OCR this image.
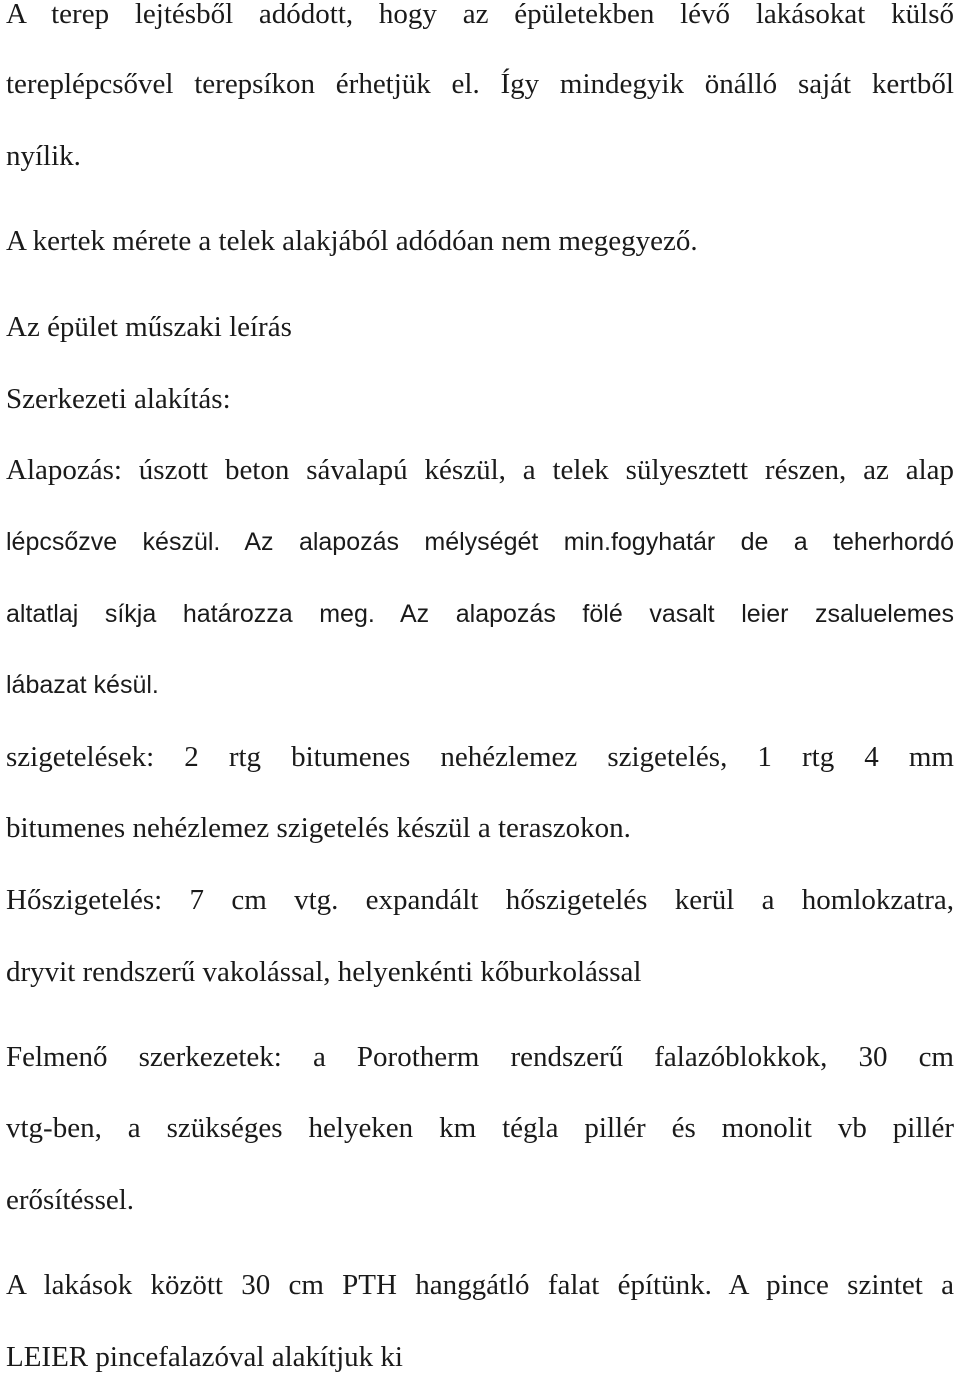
A terep lejtésből adódott, hogy az épületekben lévő lakásokat külső
tereplépcsővel terepsíkon érhetjük el. Így mindegyik önálló saját kertből
nyílik.
A kertek mérete a telek alakjából adódóan nem megegyező.
Az épület műszaki leírás
Szerkezeti alakítás:
Alapozás: úszott beton sávalapú készül, a telek sülyesztett részen, az alap
lépcsőzve készül. Az alapozás mélységét min.fogyhatár de a teherhordó
altatlaj síkja határozza meg. Az alapozás fölé vasalt leier zsaluelemes
lábazat késül.
szigetelések: 2 rtg bitumenes nehézlemez szigetelés, 1 rtg 4 mm
bitumenes nehézlemez szigetelés készül a teraszokon.
Hőszigetelés: 7 cm vtg. expandált hőszigetelés kerül a homlokzatra,
dryvit rendszerű vakolással, helyenkénti kőburkolással
Felmenő szerkezetek: a Porotherm rendszerű falazóblokkok, 30 cm
vtg-ben, a szükséges helyeken km tégla pillér és monolit vb pillér
erősítéssel.
A lakások között 30 cm PTH hanggátló falat építünk. A pince szintet a
LEIER pincefalazóval alakítjuk ki
